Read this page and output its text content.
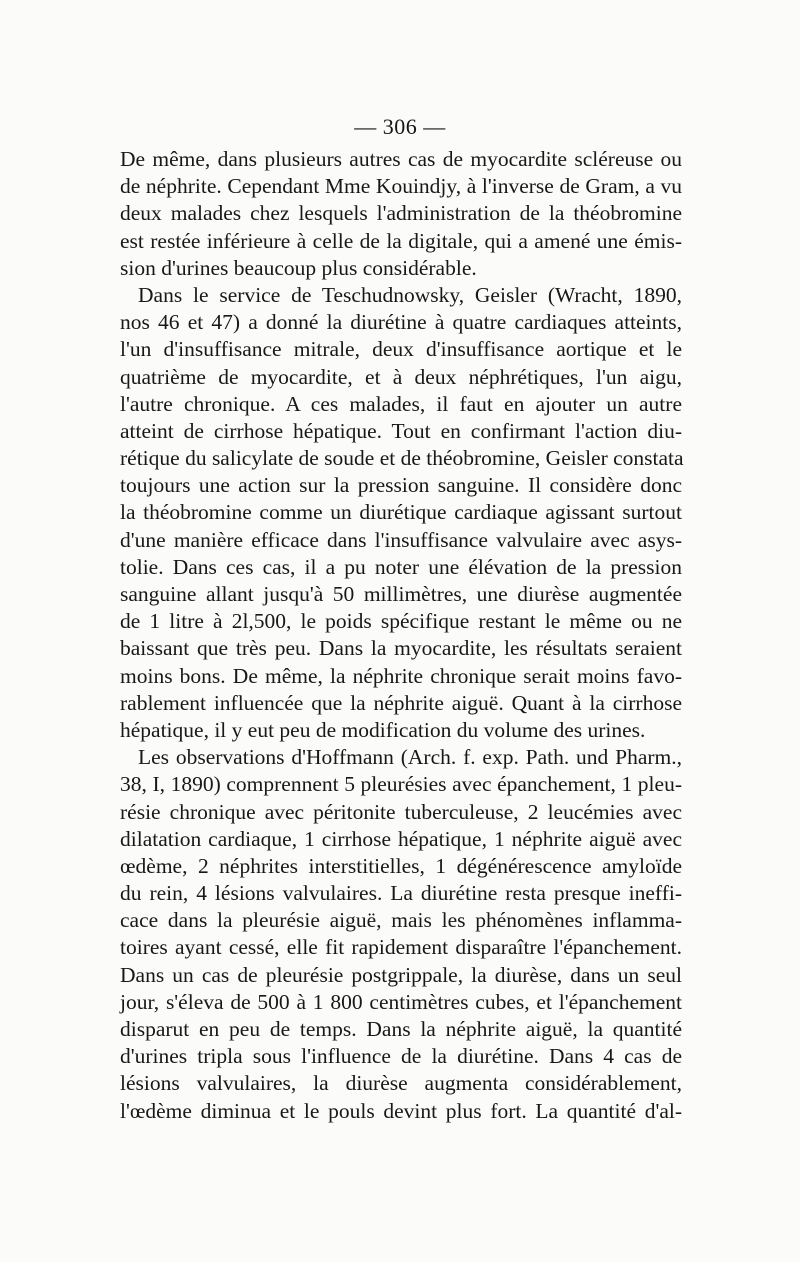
— 306 —
De même, dans plusieurs autres cas de myocardite scléreuse ou
de néphrite. Cependant Mme Kouindjy, à l'inverse de Gram, a vu
deux malades chez lesquels l'administration de la théobromine
est restée inférieure à celle de la digitale, qui a amené une émis-
sion d'urines beaucoup plus considérable.
Dans le service de Teschudnowsky, Geisler (Wracht, 1890,
nos 46 et 47) a donné la diurétine à quatre cardiaques atteints,
l'un d'insuffisance mitrale, deux d'insuffisance aortique et le
quatrième de myocardite, et à deux néphrétiques, l'un aigu,
l'autre chronique. A ces malades, il faut en ajouter un autre
atteint de cirrhose hépatique. Tout en confirmant l'action diu-
rétique du salicylate de soude et de théobromine, Geisler constata
toujours une action sur la pression sanguine. Il considère donc
la théobromine comme un diurétique cardiaque agissant surtout
d'une manière efficace dans l'insuffisance valvulaire avec asys-
tolie. Dans ces cas, il a pu noter une élévation de la pression
sanguine allant jusqu'à 50 millimètres, une diurèse augmentée
de 1 litre à 2l,500, le poids spécifique restant le même ou ne
baissant que très peu. Dans la myocardite, les résultats seraient
moins bons. De même, la néphrite chronique serait moins favo-
rablement influencée que la néphrite aiguë. Quant à la cirrhose
hépatique, il y eut peu de modification du volume des urines.
Les observations d'Hoffmann (Arch. f. exp. Path. und Pharm.,
38, I, 1890) comprennent 5 pleurésies avec épanchement, 1 pleu-
résie chronique avec péritonite tuberculeuse, 2 leucémies avec
dilatation cardiaque, 1 cirrhose hépatique, 1 néphrite aiguë avec
œdème, 2 néphrites interstitielles, 1 dégénérescence amyloïde
du rein, 4 lésions valvulaires. La diurétine resta presque ineffi-
cace dans la pleurésie aiguë, mais les phénomènes inflamma-
toires ayant cessé, elle fit rapidement disparaître l'épanchement.
Dans un cas de pleurésie postgrippale, la diurèse, dans un seul
jour, s'éleva de 500 à 1 800 centimètres cubes, et l'épanchement
disparut en peu de temps. Dans la néphrite aiguë, la quantité
d'urines tripla sous l'influence de la diurétine. Dans 4 cas de
lésions valvulaires, la diurèse augmenta considérablement,
l'œdème diminua et le pouls devint plus fort. La quantité d'al-
